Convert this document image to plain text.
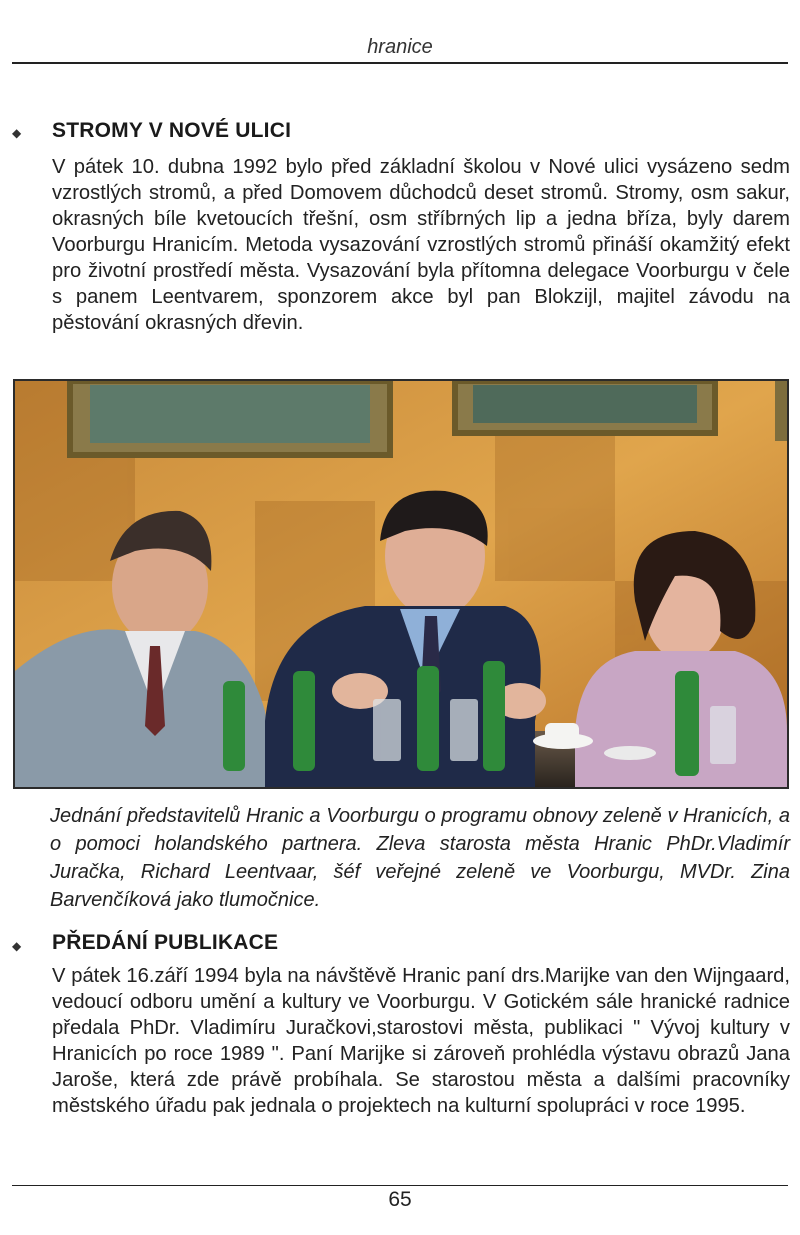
hranice
◆ STROMY V NOVÉ ULICI
V pátek 10. dubna 1992 bylo před základní školou v Nové ulici vysázeno sedm vzrostlých stromů, a před Domovem důchodců deset stromů. Stromy, osm sakur, okrasných bíle kvetoucích třešní, osm stříbrných lip a jedna bříza, byly darem Voorburgu Hranicím. Metoda vysazování vzrostlých stromů přináší okamžitý efekt pro životní prostředí města. Vysazování byla přítomna delegace Voorburgu v čele s panem Leentvarem, sponzorem akce byl pan Blokzijl, majitel závodu na pěstování okrasných dřevin.
Jednání představitelů Hranic a Voorburgu o programu obnovy zeleně v Hranicích, a o pomoci holandského partnera. Zleva starosta města Hranic PhDr.Vladimír Juračka, Richard Leentvaar, šéf veřejné zeleně ve Voorburgu, MVDr. Zina Barvenčíková jako tlumočnice.
◆ PŘEDÁNÍ PUBLIKACE
V pátek 16.září 1994 byla na návštěvě Hranic paní drs.Marijke van den Wijngaard, vedoucí odboru umění a kultury ve Voorburgu. V Gotickém sále hranické radnice předala PhDr. Vladimíru Juračkovi,starostovi města, publikaci " Vývoj kultury v Hranicích po roce 1989 ". Paní Marijke si zároveň prohlédla výstavu obrazů Jana Jaroše, která zde právě probíhala. Se starostou města a dalšími pracovníky městského úřadu pak jednala o projektech na kulturní spolupráci v roce 1995.
65
